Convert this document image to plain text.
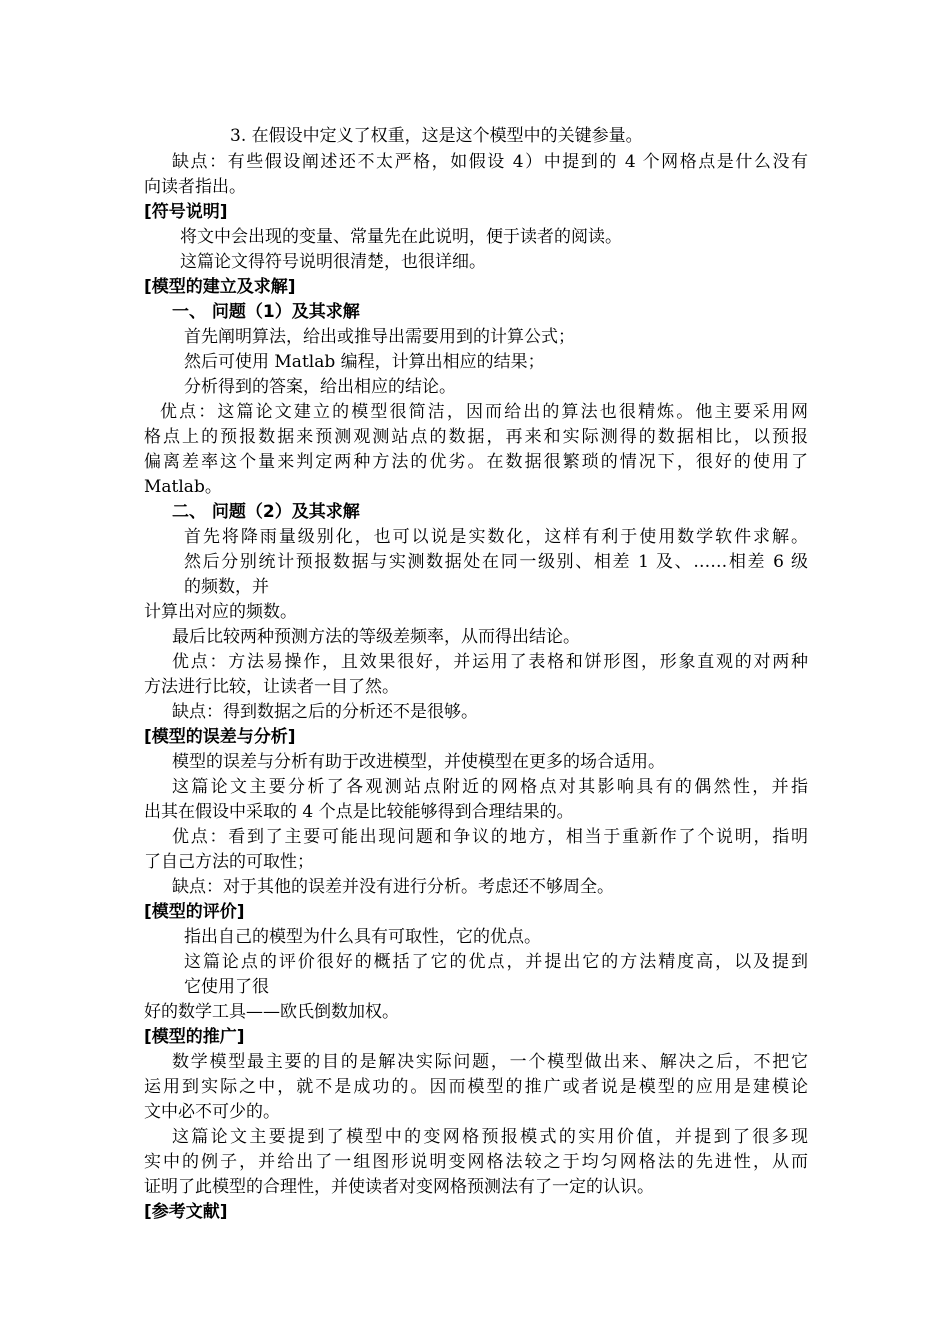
3. 在假设中定义了权重，这是这个模型中的关键参量。
缺点：有些假设阐述还不太严格，如假设 4）中提到的 4 个网格点是什么没有
向读者指出。
[符号说明]
将文中会出现的变量、常量先在此说明，便于读者的阅读。
这篇论文得符号说明很清楚，也很详细。
[模型的建立及求解]
一、 问题（1）及其求解
首先阐明算法，给出或推导出需要用到的计算公式；
然后可使用 Matlab 编程，计算出相应的结果；
分析得到的答案，给出相应的结论。
优点：这篇论文建立的模型很简洁，因而给出的算法也很精炼。他主要采用网
格点上的预报数据来预测观测站点的数据，再来和实际测得的数据相比，以预报
偏离差率这个量来判定两种方法的优劣。在数据很繁琐的情况下，很好的使用了
Matlab。
二、 问题（2）及其求解
首先将降雨量级别化，也可以说是实数化，这样有利于使用数学软件求解。
然后分别统计预报数据与实测数据处在同一级别、相差 1 及、……相差 6 级
的频数，并
计算出对应的频数。
最后比较两种预测方法的等级差频率，从而得出结论。
优点：方法易操作，且效果很好，并运用了表格和饼形图，形象直观的对两种
方法进行比较，让读者一目了然。
缺点：得到数据之后的分析还不是很够。
[模型的误差与分析]
模型的误差与分析有助于改进模型，并使模型在更多的场合适用。
这篇论文主要分析了各观测站点附近的网格点对其影响具有的偶然性，并指
出其在假设中采取的 4 个点是比较能够得到合理结果的。
优点：看到了主要可能出现问题和争议的地方，相当于重新作了个说明，指明
了自己方法的可取性；
缺点：对于其他的误差并没有进行分析。考虑还不够周全。
[模型的评价]
指出自己的模型为什么具有可取性，它的优点。
这篇论点的评价很好的概括了它的优点，并提出它的方法精度高，以及提到
它使用了很
好的数学工具——欧氏倒数加权。
[模型的推广]
数学模型最主要的目的是解决实际问题，一个模型做出来、解决之后，不把它
运用到实际之中，就不是成功的。因而模型的推广或者说是模型的应用是建模论
文中必不可少的。
这篇论文主要提到了模型中的变网格预报模式的实用价值，并提到了很多现
实中的例子，并给出了一组图形说明变网格法较之于均匀网格法的先进性，从而
证明了此模型的合理性，并使读者对变网格预测法有了一定的认识。
[参考文献]
